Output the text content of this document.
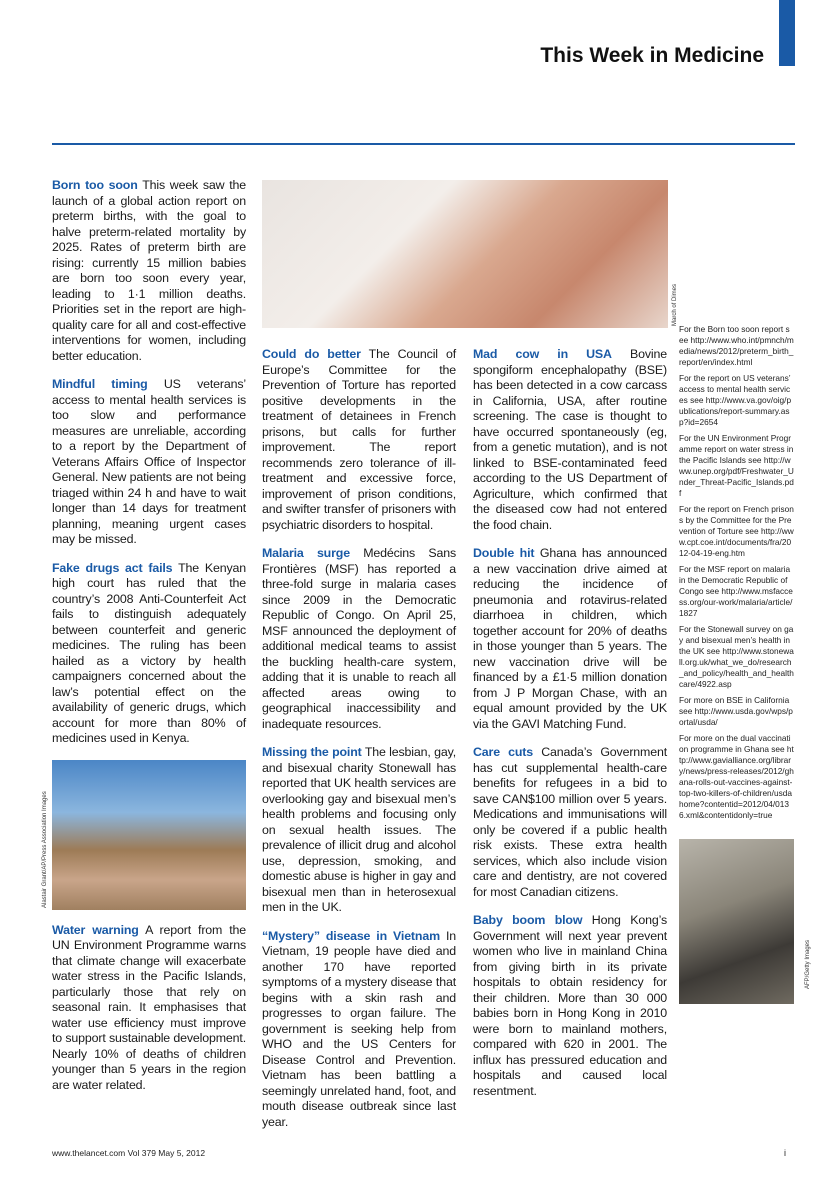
This Week in Medicine
March of Dimes
Born too soon This week saw the launch of a global action report on preterm births, with the goal to halve preterm-related mortality by 2025. Rates of preterm birth are rising: currently 15 million babies are born too soon every year, leading to 1·1 million deaths. Priorities set in the report are high-quality care for all and cost-effective interventions for women, including better education.
Mindful timing US veterans’ access to mental health services is too slow and performance measures are unreliable, according to a report by the Department of Veterans Affairs Office of Inspector General. New patients are not being triaged within 24 h and have to wait longer than 14 days for treatment planning, meaning urgent cases may be missed.
Fake drugs act fails The Kenyan high court has ruled that the country’s 2008 Anti-Counterfeit Act fails to distinguish adequately between counterfeit and generic medicines. The ruling has been hailed as a victory by health campaigners concerned about the law’s potential effect on the availability of generic drugs, which account for more than 80% of medicines used in Kenya.
Alastair Grant/AP/Press Association Images
Water warning A report from the UN Environment Programme warns that climate change will exacerbate water stress in the Pacific Islands, particularly those that rely on seasonal rain. It emphasises that water use efficiency must improve to support sustainable development. Nearly 10% of deaths of children younger than 5 years in the region are water related.
Could do better The Council of Europe’s Committee for the Prevention of Torture has reported positive developments in the treatment of detainees in French prisons, but calls for further improvement. The report recommends zero tolerance of ill-treatment and excessive force, improvement of prison conditions, and swifter transfer of prisoners with psychiatric disorders to hospital.
Malaria surge Medécins Sans Frontières (MSF) has reported a three-fold surge in malaria cases since 2009 in the Democratic Republic of Congo. On April 25, MSF announced the deployment of additional medical teams to assist the buckling health-care system, adding that it is unable to reach all affected areas owing to geographical inaccessibility and inadequate resources.
Missing the point The lesbian, gay, and bisexual charity Stonewall has reported that UK health services are overlooking gay and bisexual men’s health problems and focusing only on sexual health issues. The prevalence of illicit drug and alcohol use, depression, smoking, and domestic abuse is higher in gay and bisexual men than in heterosexual men in the UK.
“Mystery” disease in Vietnam In Vietnam, 19 people have died and another 170 have reported symptoms of a mystery disease that begins with a skin rash and progresses to organ failure. The government is seeking help from WHO and the US Centers for Disease Control and Prevention. Vietnam has been battling a seemingly unrelated hand, foot, and mouth disease outbreak since last year.
Mad cow in USA Bovine spongiform encephalopathy (BSE) has been detected in a cow carcass in California, USA, after routine screening. The case is thought to have occurred spontaneously (eg, from a genetic mutation), and is not linked to BSE-contaminated feed according to the US Department of Agriculture, which confirmed that the diseased cow had not entered the food chain.
Double hit Ghana has announced a new vaccination drive aimed at reducing the incidence of pneumonia and rotavirus-related diarrhoea in children, which together account for 20% of deaths in those younger than 5 years. The new vaccination drive will be financed by a £1·5 million donation from J P Morgan Chase, with an equal amount provided by the UK via the GAVI Matching Fund.
Care cuts Canada’s Government has cut supplemental health-care benefits for refugees in a bid to save CAN$100 million over 5 years. Medications and immunisations will only be covered if a public health risk exists. These extra health services, which also include vision care and dentistry, are not covered for most Canadian citizens.
Baby boom blow Hong Kong’s Government will next year prevent women who live in mainland China from giving birth in its private hospitals to obtain residency for their children. More than 30 000 babies born in Hong Kong in 2010 were born to mainland mothers, compared with 620 in 2001. The influx has pressured education and hospitals and caused local resentment.

For the Born too soon report see http://www.who.int/pmnch/media/news/2012/preterm_birth_report/en/index.html

For the report on US veterans’ access to mental health services see http://www.va.gov/oig/publications/report-summary.asp?id=2654

For the UN Environment Programme report on water stress in the Pacific Islands see http://www.unep.org/pdf/Freshwater_Under_Threat-Pacific_Islands.pdf

For the report on French prisons by the Committee for the Prevention of Torture see http://www.cpt.coe.int/documents/fra/2012-04-19-eng.htm

For the MSF report on malaria in the Democratic Republic of Congo see http://www.msfaccess.org/our-work/malaria/article/1827

For the Stonewall survey on gay and bisexual men’s health in the UK see http://www.stonewall.org.uk/what_we_do/research_and_policy/health_and_healthcare/4922.asp

For more on BSE in California see http://www.usda.gov/wps/portal/usda/

For more on the dual vaccination programme in Ghana see http://www.gavialliance.org/library/news/press-releases/2012/ghana-rolls-out-vaccines-against-top-two-killers-of-children/usdahome?contentid=2012/04/0136.xml&contentidonly=true

AFP/Getty Images
www.thelancet.com Vol 379 May 5, 2012	i
